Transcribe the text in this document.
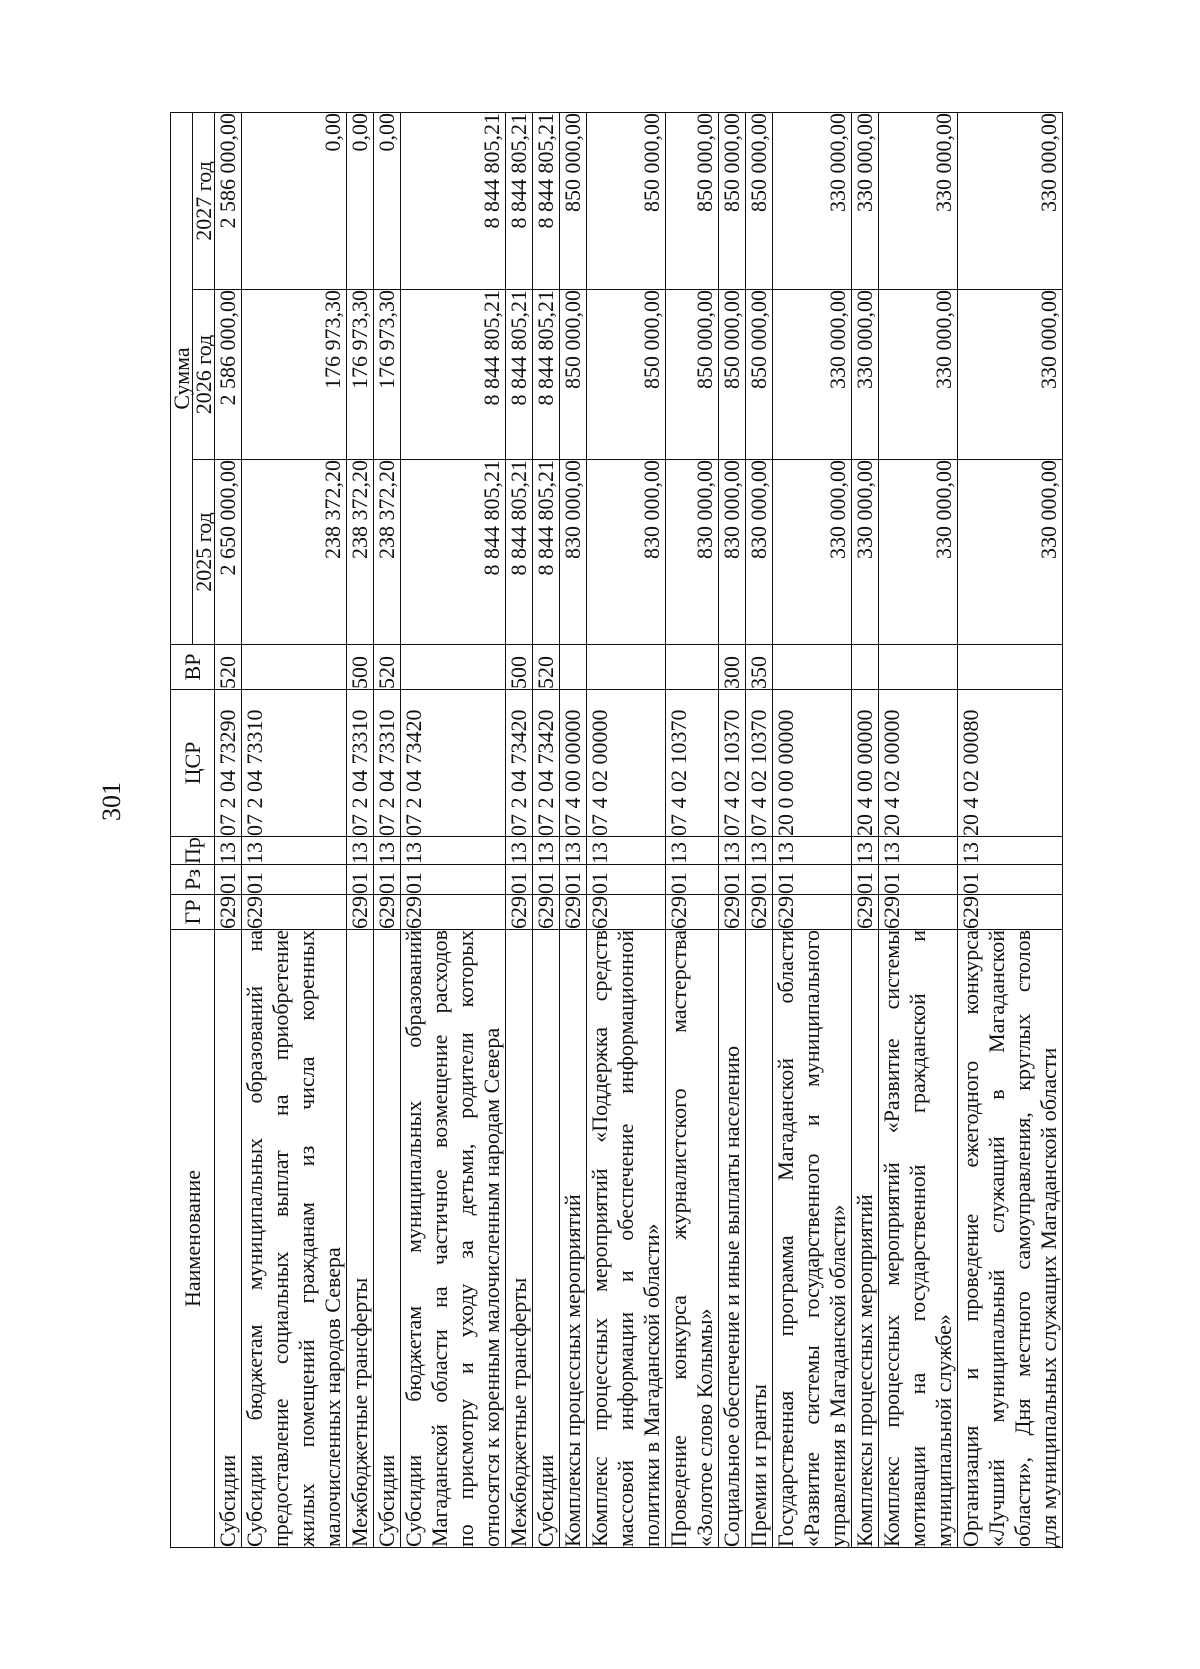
301
Наименование	ГР	Рз	Пр	ЦСР	ВР	Сумма		
						2025 год	2026 год	2027 год

Субсидии	629	01	13	07 2 04 73290	520	2 650 000,00	2 586 000,00	2 586 000,00

Субсидии бюджетам муниципальных образований на предоставление социальных выплат на приобретение жилых помещений гражданам из числа коренных малочисленных народов Севера	629	01	13	07 2 04 73310		238 372,20	176 973,30	0,00

Межбюджетные трансферты	629	01	13	07 2 04 73310	500	238 372,20	176 973,30	0,00

Субсидии	629	01	13	07 2 04 73310	520	238 372,20	176 973,30	0,00

Субсидии бюджетам муниципальных образований Магаданской области на частичное возмещение расходов по присмотру и уходу за детьми, родители которых относятся к коренным малочисленным народам Севера	629	01	13	07 2 04 73420		8 844 805,21	8 844 805,21	8 844 805,21

Межбюджетные трансферты	629	01	13	07 2 04 73420	500	8 844 805,21	8 844 805,21	8 844 805,21

Субсидии	629	01	13	07 2 04 73420	520	8 844 805,21	8 844 805,21	8 844 805,21

Комплексы процессных мероприятий	629	01	13	07 4 00 00000		830 000,00	850 000,00	850 000,00

Комплекс процессных мероприятий «Поддержка средств массовой информации и обеспечение информационной политики в Магаданской области»	629	01	13	07 4 02 00000		830 000,00	850 000,00	850 000,00

Проведение конкурса журналистского мастерства «Золотое слово Колымы»	629	01	13	07 4 02 10370		830 000,00	850 000,00	850 000,00

Социальное обеспечение и иные выплаты населению	629	01	13	07 4 02 10370	300	830 000,00	850 000,00	850 000,00

Премии и гранты	629	01	13	07 4 02 10370	350	830 000,00	850 000,00	850 000,00

Государственная программа Магаданской области «Развитие системы государственного и муниципального управления в Магаданской области»	629	01	13	20 0 00 00000		330 000,00	330 000,00	330 000,00

Комплексы процессных мероприятий	629	01	13	20 4 00 00000		330 000,00	330 000,00	330 000,00

Комплекс процессных мероприятий «Развитие системы мотивации на государственной гражданской и муниципальной службе»	629	01	13	20 4 02 00000		330 000,00	330 000,00	330 000,00

Организация и проведение ежегодного конкурса «Лучший муниципальный служащий в Магаданской области», Дня местного самоуправления, круглых столов для муниципальных служащих Магаданской области	629	01	13	20 4 02 00080		330 000,00	330 000,00	330 000,00
